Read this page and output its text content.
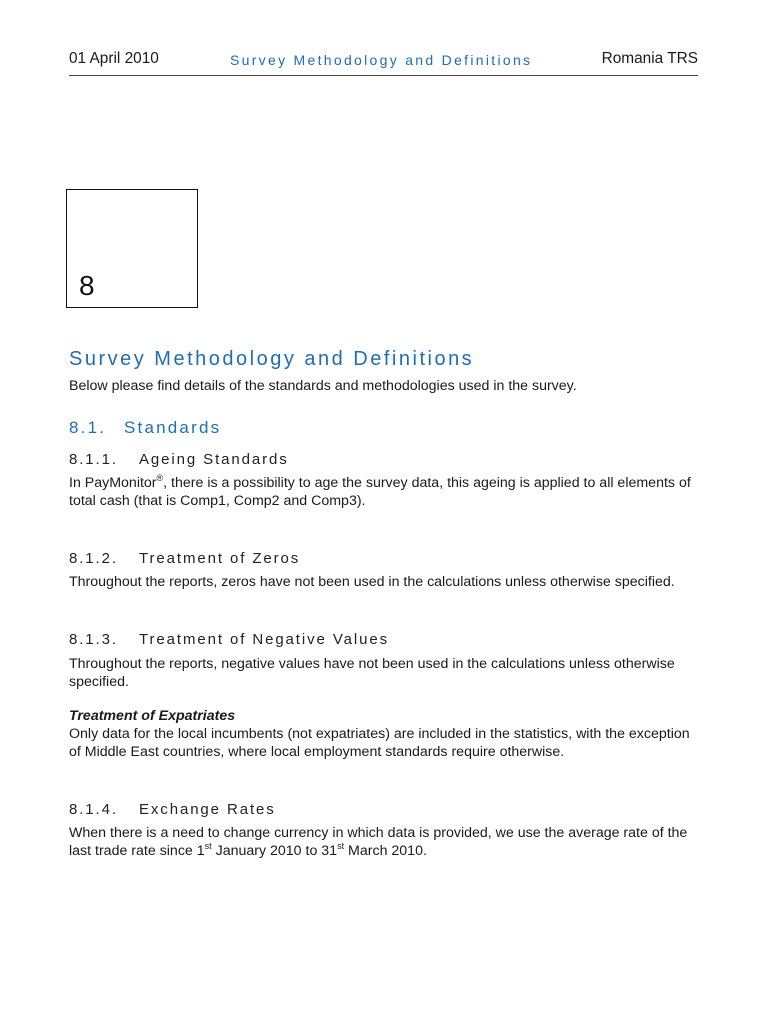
01 April 2010	Survey Methodology and Definitions	Romania TRS
8
Survey Methodology and Definitions
Below please find details of the standards and methodologies used in the survey.
8.1. Standards
8.1.1. Ageing Standards
In PayMonitor®, there is a possibility to age the survey data, this ageing is applied to all elements of
total cash (that is Comp1, Comp2 and Comp3).
8.1.2. Treatment of Zeros
Throughout the reports, zeros have not been used in the calculations unless otherwise specified.
8.1.3. Treatment of Negative Values
Throughout the reports, negative values have not been used in the calculations unless otherwise
specified.
Treatment of Expatriates
Only data for the local incumbents (not expatriates) are included in the statistics, with the exception
of Middle East countries, where local employment standards require otherwise.
8.1.4. Exchange Rates
When there is a need to change currency in which data is provided, we use the average rate of the
last trade rate since 1st January 2010 to 31st March 2010.
